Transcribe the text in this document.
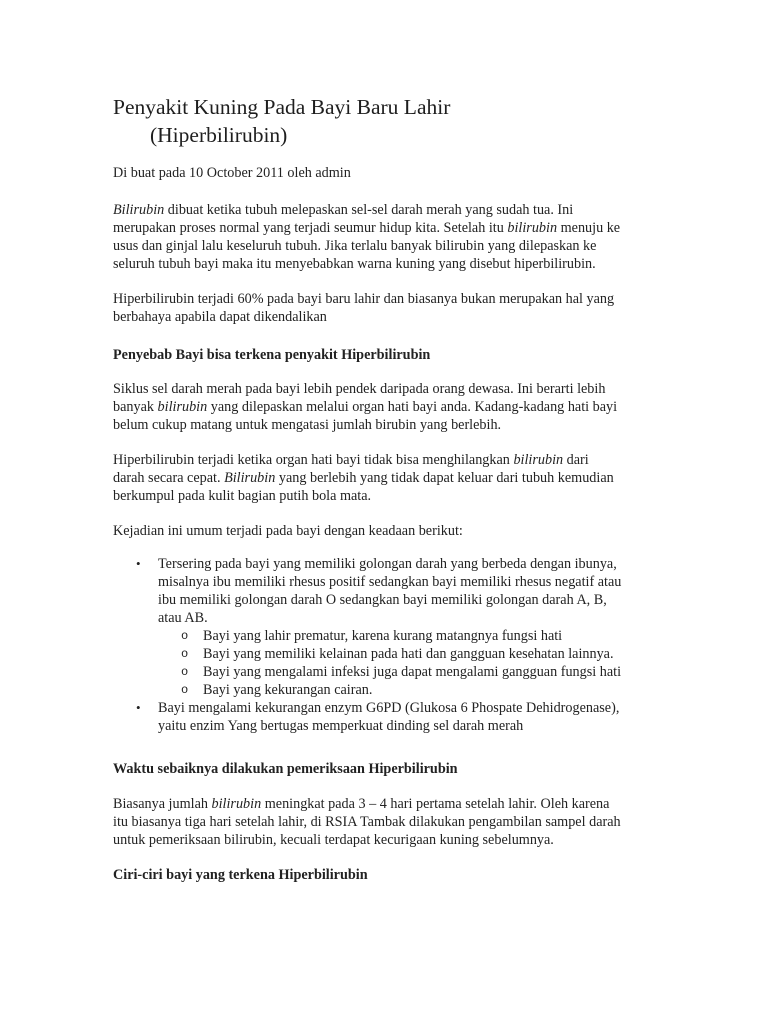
Penyakit Kuning Pada Bayi Baru Lahir
(Hiperbilirubin)

Di buat pada 10 October 2011 oleh admin

Bilirubin dibuat ketika tubuh melepaskan sel-sel darah merah yang sudah tua. Ini
merupakan proses normal yang terjadi seumur hidup kita. Setelah itu bilirubin menuju ke
usus dan ginjal lalu keseluruh tubuh. Jika terlalu banyak bilirubin yang dilepaskan ke
seluruh tubuh bayi maka itu menyebabkan warna kuning yang disebut hiperbilirubin.

Hiperbilirubin terjadi 60% pada bayi baru lahir dan biasanya bukan merupakan hal yang
berbahaya apabila dapat dikendalikan

Penyebab Bayi bisa terkena penyakit Hiperbilirubin

Siklus sel darah merah pada bayi lebih pendek daripada orang dewasa. Ini berarti lebih
banyak bilirubin yang dilepaskan melalui organ hati bayi anda. Kadang-kadang hati bayi
belum cukup matang untuk mengatasi jumlah birubin yang berlebih.

Hiperbilirubin terjadi ketika organ hati bayi tidak bisa menghilangkan bilirubin dari
darah secara cepat. Bilirubin yang berlebih yang tidak dapat keluar dari tubuh kemudian
berkumpul pada kulit bagian putih bola mata.

Kejadian ini umum terjadi pada bayi dengan keadaan berikut:

• Tersering pada bayi yang memiliki golongan darah yang berbeda dengan ibunya,
misalnya ibu memiliki rhesus positif sedangkan bayi memiliki rhesus negatif atau
ibu memiliki golongan darah O sedangkan bayi memiliki golongan darah A, B,
atau AB.
o Bayi yang lahir prematur, karena kurang matangnya fungsi hati
o Bayi yang memiliki kelainan pada hati dan gangguan kesehatan lainnya.
o Bayi yang mengalami infeksi juga dapat mengalami gangguan fungsi hati
o Bayi yang kekurangan cairan.
• Bayi mengalami kekurangan enzym G6PD (Glukosa 6 Phospate Dehidrogenase),
yaitu enzim Yang bertugas memperkuat dinding sel darah merah
Waktu sebaiknya dilakukan pemeriksaan Hiperbilirubin

Biasanya jumlah bilirubin meningkat pada 3 – 4 hari pertama setelah lahir. Oleh karena
itu biasanya tiga hari setelah lahir, di RSIA Tambak dilakukan pengambilan sampel darah
untuk pemeriksaan bilirubin, kecuali terdapat kecurigaan kuning sebelumnya.

Ciri-ciri bayi yang terkena Hiperbilirubin
